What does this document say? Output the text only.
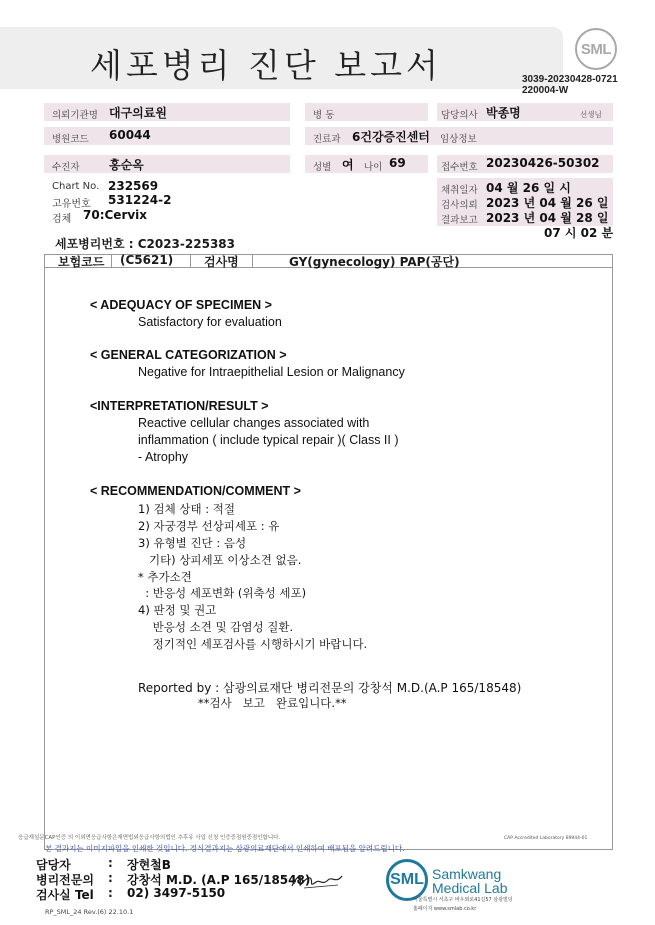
세포병리 진단 보고서	SML
3039-20230428-0721
220004-W
의뢰기관명 대구의료원	병 동	담당의사 박종명	선생님
병원코드 60044	진료과 6건강증진센터 임상정보
수진자 홍순옥	성별 여 나이 69	접수번호 20230426-50302
Chart No. 232569
고유번호 531224-2
검체 70:Cervix
채취일자 04 월 26 일 시
검사의뢰 2023 년 04 월 26 일
결과보고 2023 년 04 월 28 일
07 시 02 분
세포병리번호 : C2023-225383
보험코드 (C5621)	검사명	GY(gynecology) PAP(공단)
< ADEQUACY OF SPECIMEN >
Satisfactory for evaluation
< GENERAL CATEGORIZATION >
Negative for Intraepithelial Lesion or Malignancy
<INTERPRETATION/RESULT >
Reactive cellular changes associated with
inflammation ( include typical repair )( Class II )
- Atrophy
< RECOMMENDATION/COMMENT >
1) 검체 상태 : 적절
2) 자궁경부 선상피세포 : 유
3) 유형별 진단 : 음성
기타) 상피세포 이상소견 없음.
* 추가소견
: 반응성 세포변화 (위축성 세포)
4) 판정 및 권고
반응성 소견 및 감염성 질환.
정기적인 세포검사를 시행하시기 바랍니다.
Reported by : 삼광의료재단 병리전문의 강창석 M.D.(A.P 165/18548)
**검사   보고   완료입니다.**
응급재설문CAP인증 의 이외면응급사항은재면법외응급사항의법인 추후유 사업 신청 인증중점원중점인합니다.	CAP Accredited Laboratory 89944-01
본 결과지는 이미지파일을 인쇄한 것입니다. 정식결과지는 삼광의료재단에서 인쇄하여 배포됨을 알려드립니다.
담당자	: 장현철B
병리전문의 : 강창석 M.D. (A.P 165/18548)
검사실 Tel : 02) 3497-5150
SML Samkwang
Medical Lab
서울특별시 서초구 바우뫼로41길57 삼광빌딩
홈페이지 www.smlab.co.kr
RP_SML_24 Rev.(6) 22.10.1
